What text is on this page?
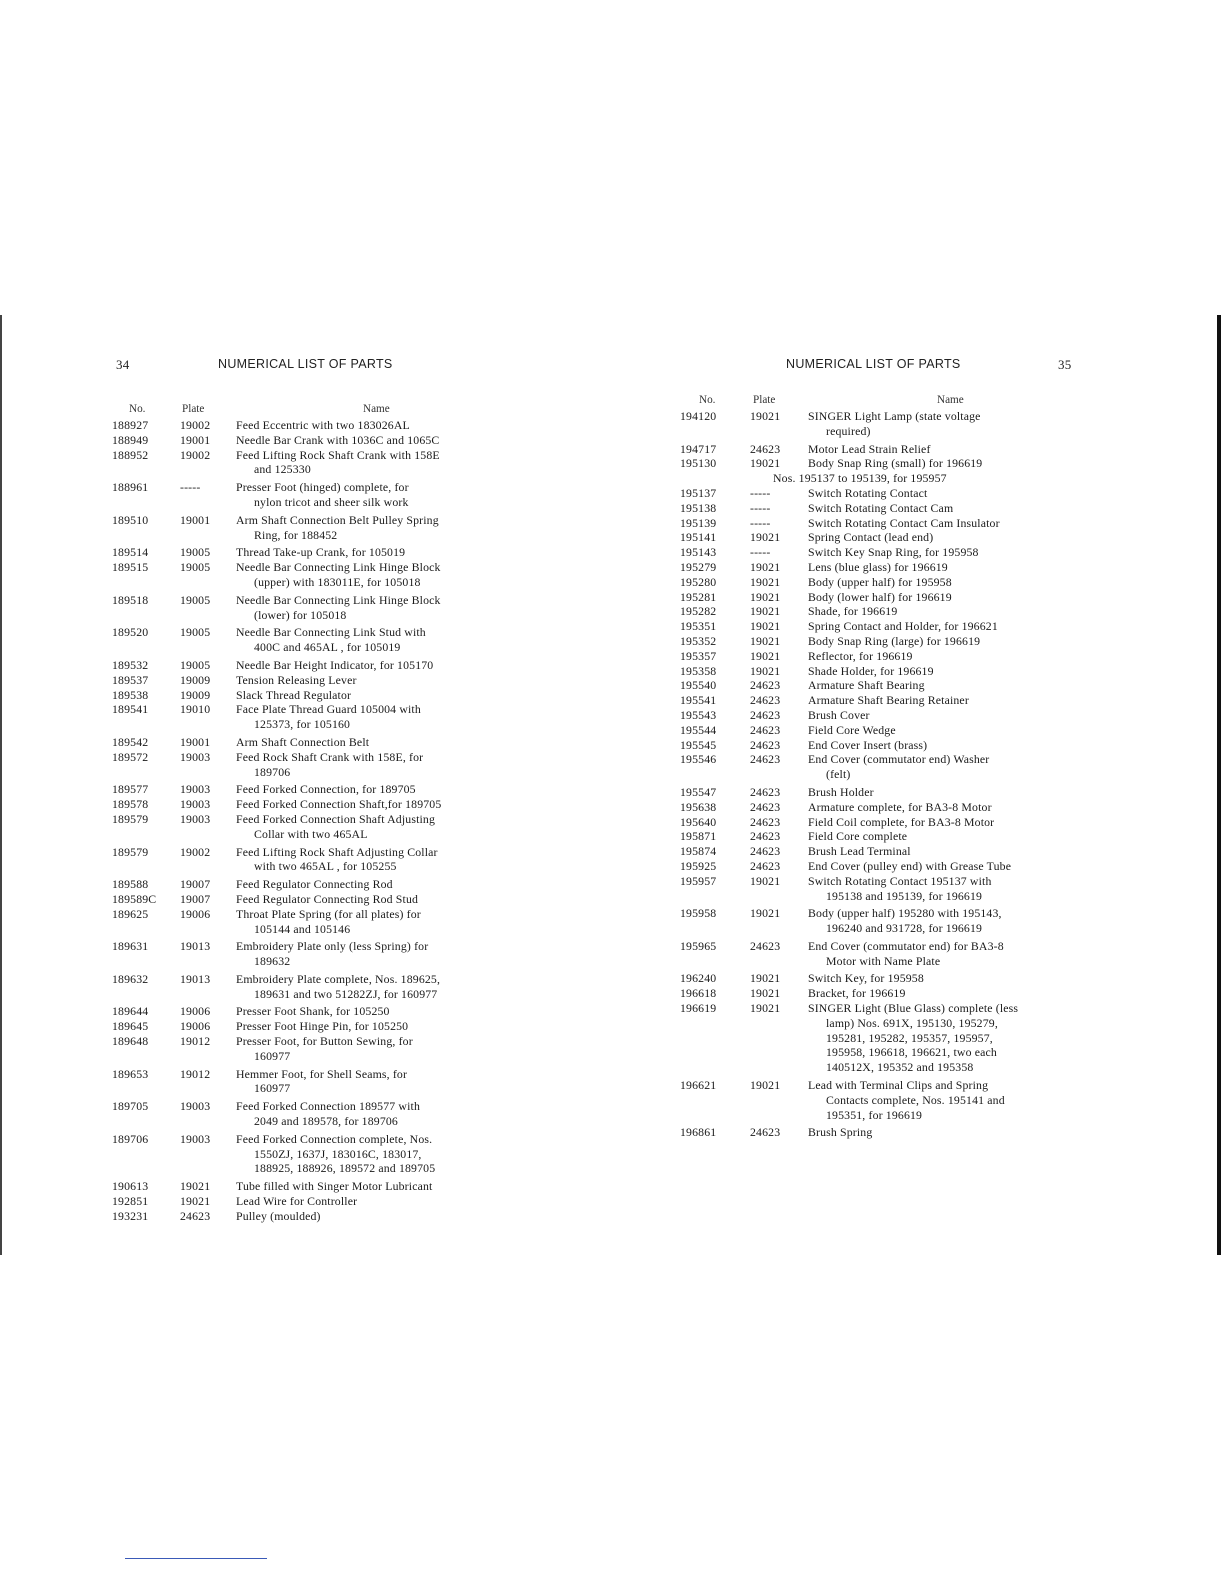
34	NUMERICAL LIST OF PARTS
No.	Plate	Name
188927	19002	Feed Eccentric with two 183026AL
188949	19001	Needle Bar Crank with 1036C and 1065C
188952	19002	Feed Lifting Rock Shaft Crank with 158E
and 125330
188961	-----	Presser Foot (hinged) complete, for
nylon tricot and sheer silk work
189510	19001	Arm Shaft Connection Belt Pulley Spring
Ring, for 188452
189514	19005	Thread Take-up Crank, for 105019
189515	19005	Needle Bar Connecting Link Hinge Block
(upper) with 183011E, for 105018
189518	19005	Needle Bar Connecting Link Hinge Block
(lower) for 105018
189520	19005	Needle Bar Connecting Link Stud with
400C and 465AL , for 105019
189532	19005	Needle Bar Height Indicator, for 105170
189537	19009	Tension Releasing Lever
189538	19009	Slack Thread Regulator
189541	19010	Face Plate Thread Guard 105004 with
125373, for 105160
189542	19001	Arm Shaft Connection Belt
189572	19003	Feed Rock Shaft Crank with 158E, for
189706
189577	19003	Feed Forked Connection, for 189705
189578	19003	Feed Forked Connection Shaft,for 189705
189579	19003	Feed Forked Connection Shaft Adjusting
Collar with two 465AL
189579	19002	Feed Lifting Rock Shaft Adjusting Collar
with two 465AL , for 105255
189588	19007	Feed Regulator Connecting Rod
189589C	19007	Feed Regulator Connecting Rod Stud
189625	19006	Throat Plate Spring (for all plates) for
105144 and 105146
189631	19013	Embroidery Plate only (less Spring) for
189632
189632	19013	Embroidery Plate complete, Nos. 189625,
189631 and two 51282ZJ, for 160977
189644	19006	Presser Foot Shank, for 105250
189645	19006	Presser Foot Hinge Pin, for 105250
189648	19012	Presser Foot, for Button Sewing, for
160977
189653	19012	Hemmer Foot, for Shell Seams, for
160977
189705	19003	Feed Forked Connection 189577 with
2049 and 189578, for 189706
189706	19003	Feed Forked Connection complete, Nos.
1550ZJ, 1637J, 183016C, 183017,
188925, 188926, 189572 and 189705
190613	19021	Tube filled with Singer Motor Lubricant
192851	19021	Lead Wire for Controller
193231	24623	Pulley (moulded)
NUMERICAL LIST OF PARTS	35
No.	Plate	Name
194120	19021	SINGER Light Lamp (state voltage
required)
194717	24623	Motor Lead Strain Relief
195130	19021	Body Snap Ring (small) for 196619
Nos. 195137 to 195139, for 195957
195137	-----	Switch Rotating Contact
195138	-----	Switch Rotating Contact Cam
195139	-----	Switch Rotating Contact Cam Insulator
195141	19021	Spring Contact (lead end)
195143	-----	Switch Key Snap Ring, for 195958
195279	19021	Lens (blue glass) for 196619
195280	19021	Body (upper half) for 195958
195281	19021	Body (lower half) for 196619
195282	19021	Shade, for 196619
195351	19021	Spring Contact and Holder, for 196621
195352	19021	Body Snap Ring (large) for 196619
195357	19021	Reflector, for 196619
195358	19021	Shade Holder, for 196619
195540	24623	Armature Shaft Bearing
195541	24623	Armature Shaft Bearing Retainer
195543	24623	Brush Cover
195544	24623	Field Core Wedge
195545	24623	End Cover Insert (brass)
195546	24623	End Cover (commutator end) Washer
(felt)
195547	24623	Brush Holder
195638	24623	Armature complete, for BA3-8 Motor
195640	24623	Field Coil complete, for BA3-8 Motor
195871	24623	Field Core complete
195874	24623	Brush Lead Terminal
195925	24623	End Cover (pulley end) with Grease Tube
195957	19021	Switch Rotating Contact 195137 with
195138 and 195139, for 196619
195958	19021	Body (upper half) 195280 with 195143,
196240 and 931728, for 196619
195965	24623	End Cover (commutator end) for BA3-8
Motor with Name Plate
196240	19021	Switch Key, for 195958
196618	19021	Bracket, for 196619
196619	19021	SINGER Light (Blue Glass) complete (less
lamp) Nos. 691X, 195130, 195279,
195281, 195282, 195357, 195957,
195958, 196618, 196621, two each
140512X, 195352 and 195358
196621	19021	Lead with Terminal Clips and Spring
Contacts complete, Nos. 195141 and
195351, for 196619
196861	24623	Brush Spring
